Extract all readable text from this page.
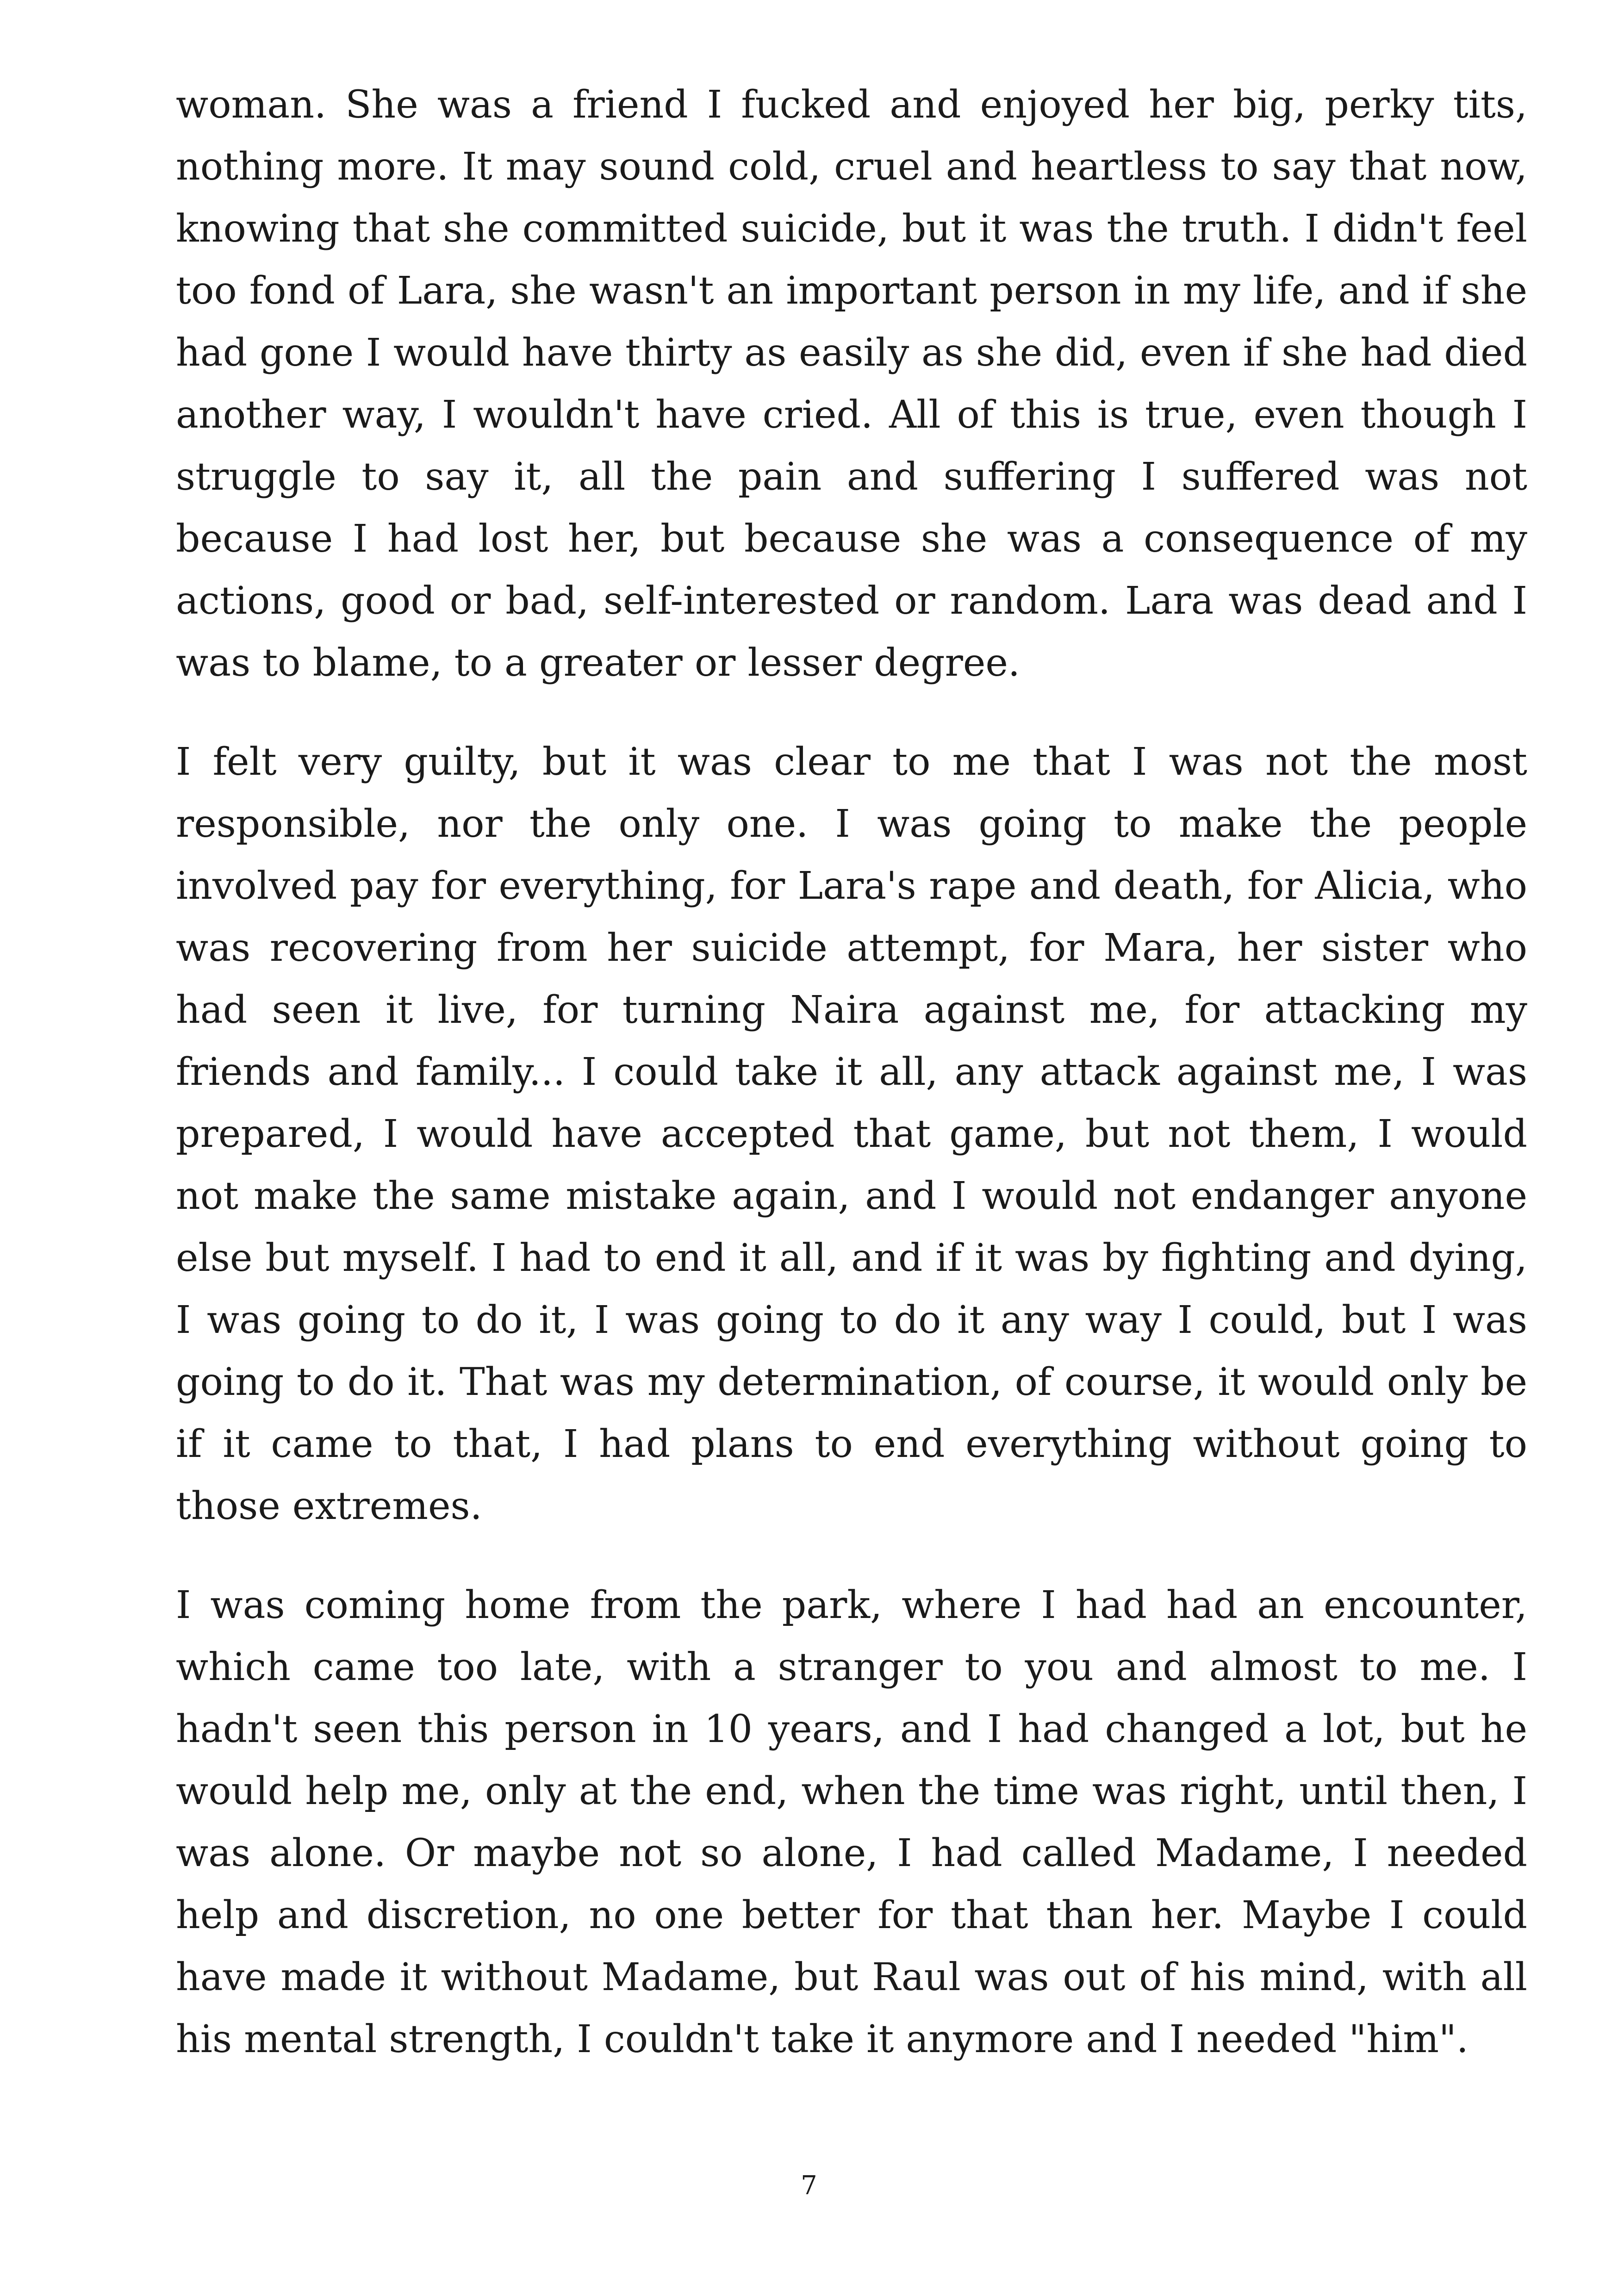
woman. She was a friend I fucked and enjoyed her big, perky tits, nothing more. It may sound cold, cruel and heartless to say that now, knowing that she committed suicide, but it was the truth. I didn't feel too fond of Lara, she wasn't an important person in my life, and if she had gone I would have thirty as easily as she did, even if she had died another way, I wouldn't have cried. All of this is true, even though I struggle to say it, all the pain and suffering I suffered was not because I had lost her, but because she was a consequence of my actions, good or bad, self-interested or random. Lara was dead and I was to blame, to a greater or lesser degree.

I felt very guilty, but it was clear to me that I was not the most responsible, nor the only one. I was going to make the people involved pay for everything, for Lara's rape and death, for Alicia, who was recovering from her suicide attempt, for Mara, her sister who had seen it live, for turning Naira against me, for attacking my friends and family... I could take it all, any attack against me, I was prepared, I would have accepted that game, but not them, I would not make the same mistake again, and I would not endanger anyone else but myself. I had to end it all, and if it was by fighting and dying, I was going to do it, I was going to do it any way I could, but I was going to do it. That was my determination, of course, it would only be if it came to that, I had plans to end everything without going to those extremes.

I was coming home from the park, where I had had an encounter, which came too late, with a stranger to you and almost to me. I hadn't seen this person in 10 years, and I had changed a lot, but he would help me, only at the end, when the time was right, until then, I was alone. Or maybe not so alone, I had called Madame, I needed help and discretion, no one better for that than her. Maybe I could have made it without Madame, but Raul was out of his mind, with all his mental strength, I couldn't take it anymore and I needed "him".

7
